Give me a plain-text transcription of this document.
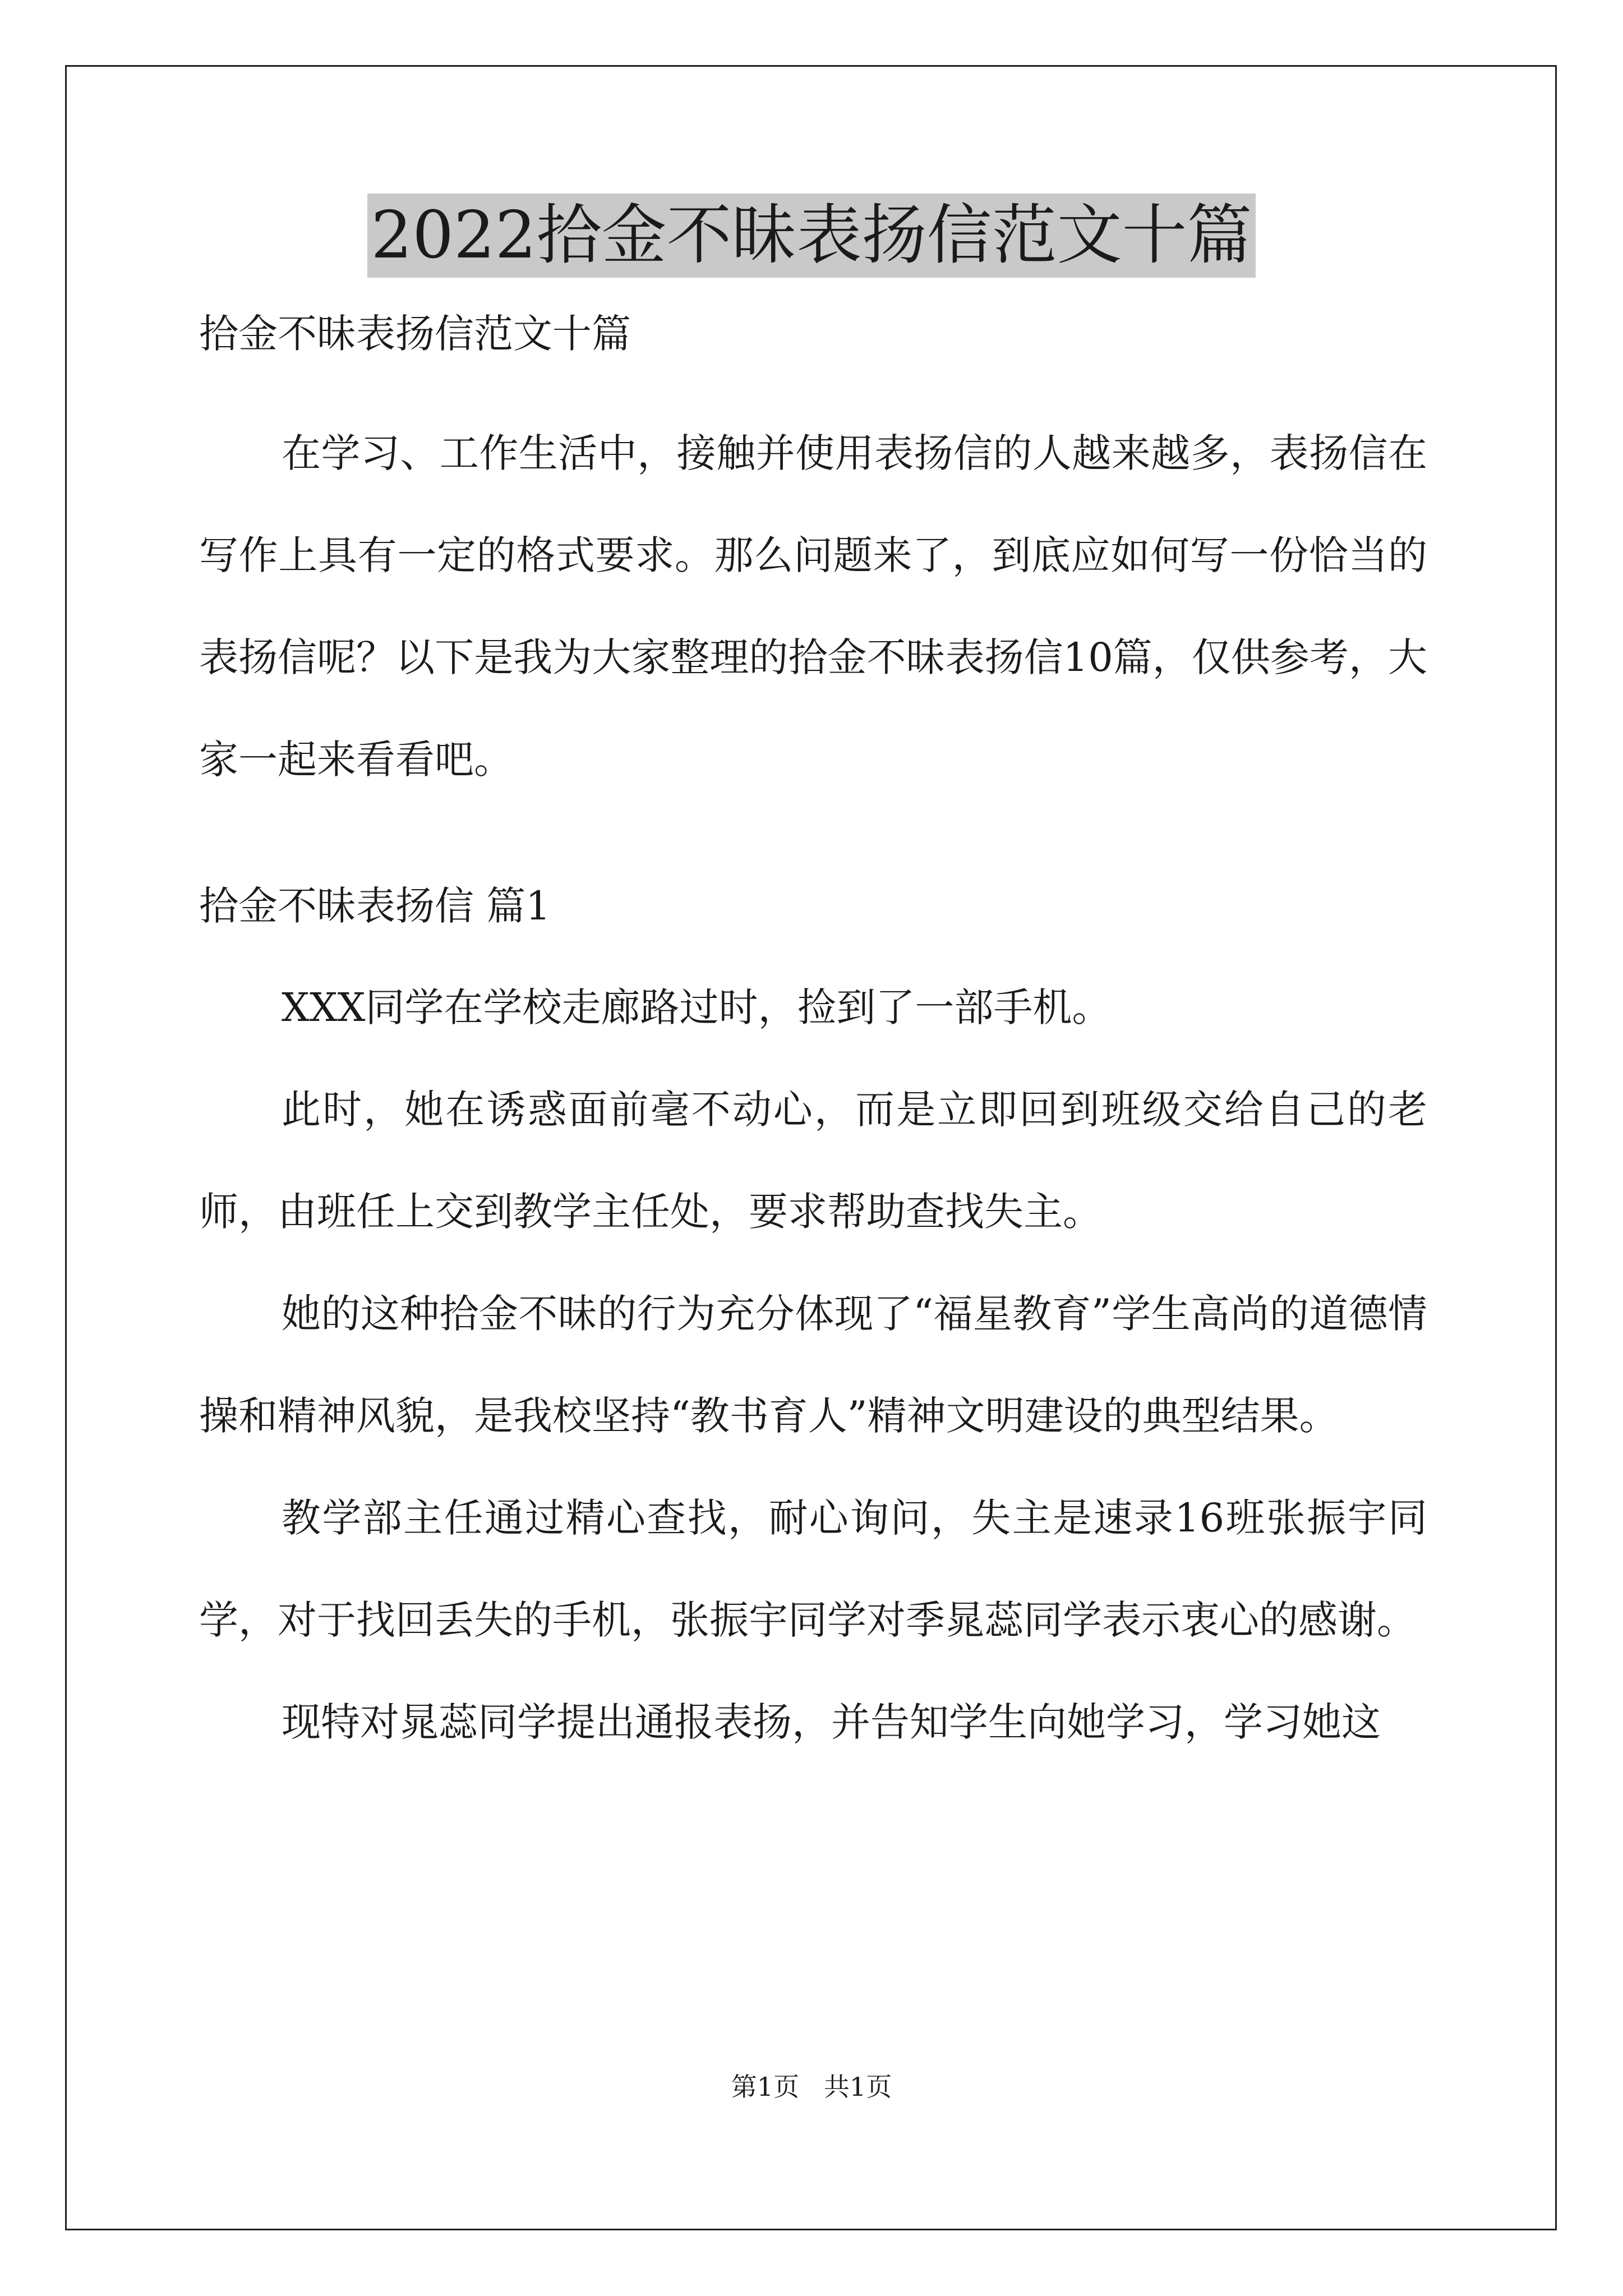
2022拾金不昧表扬信范文十篇

拾金不昧表扬信范文十篇

在学习、工作生活中，接触并使用表扬信的人越来越多，表扬信在写作上具有一定的格式要求。那么问题来了，到底应如何写一份恰当的表扬信呢？以下是我为大家整理的拾金不昧表扬信10篇，仅供参考，大家一起来看看吧。

拾金不昧表扬信 篇1

XXX同学在学校走廊路过时，捡到了一部手机。

此时，她在诱惑面前毫不动心，而是立即回到班级交给自己的老师，由班任上交到教学主任处，要求帮助查找失主。

她的这种拾金不昧的行为充分体现了“福星教育”学生高尚的道德情操和精神风貌，是我校坚持“教书育人”精神文明建设的典型结果。

教学部主任通过精心查找，耐心询问，失主是速录16班张振宇同学，对于找回丢失的手机，张振宇同学对季晁蕊同学表示衷心的感谢。

现特对晁蕊同学提出通报表扬，并告知学生向她学习，学习她这

第1页   共1页
